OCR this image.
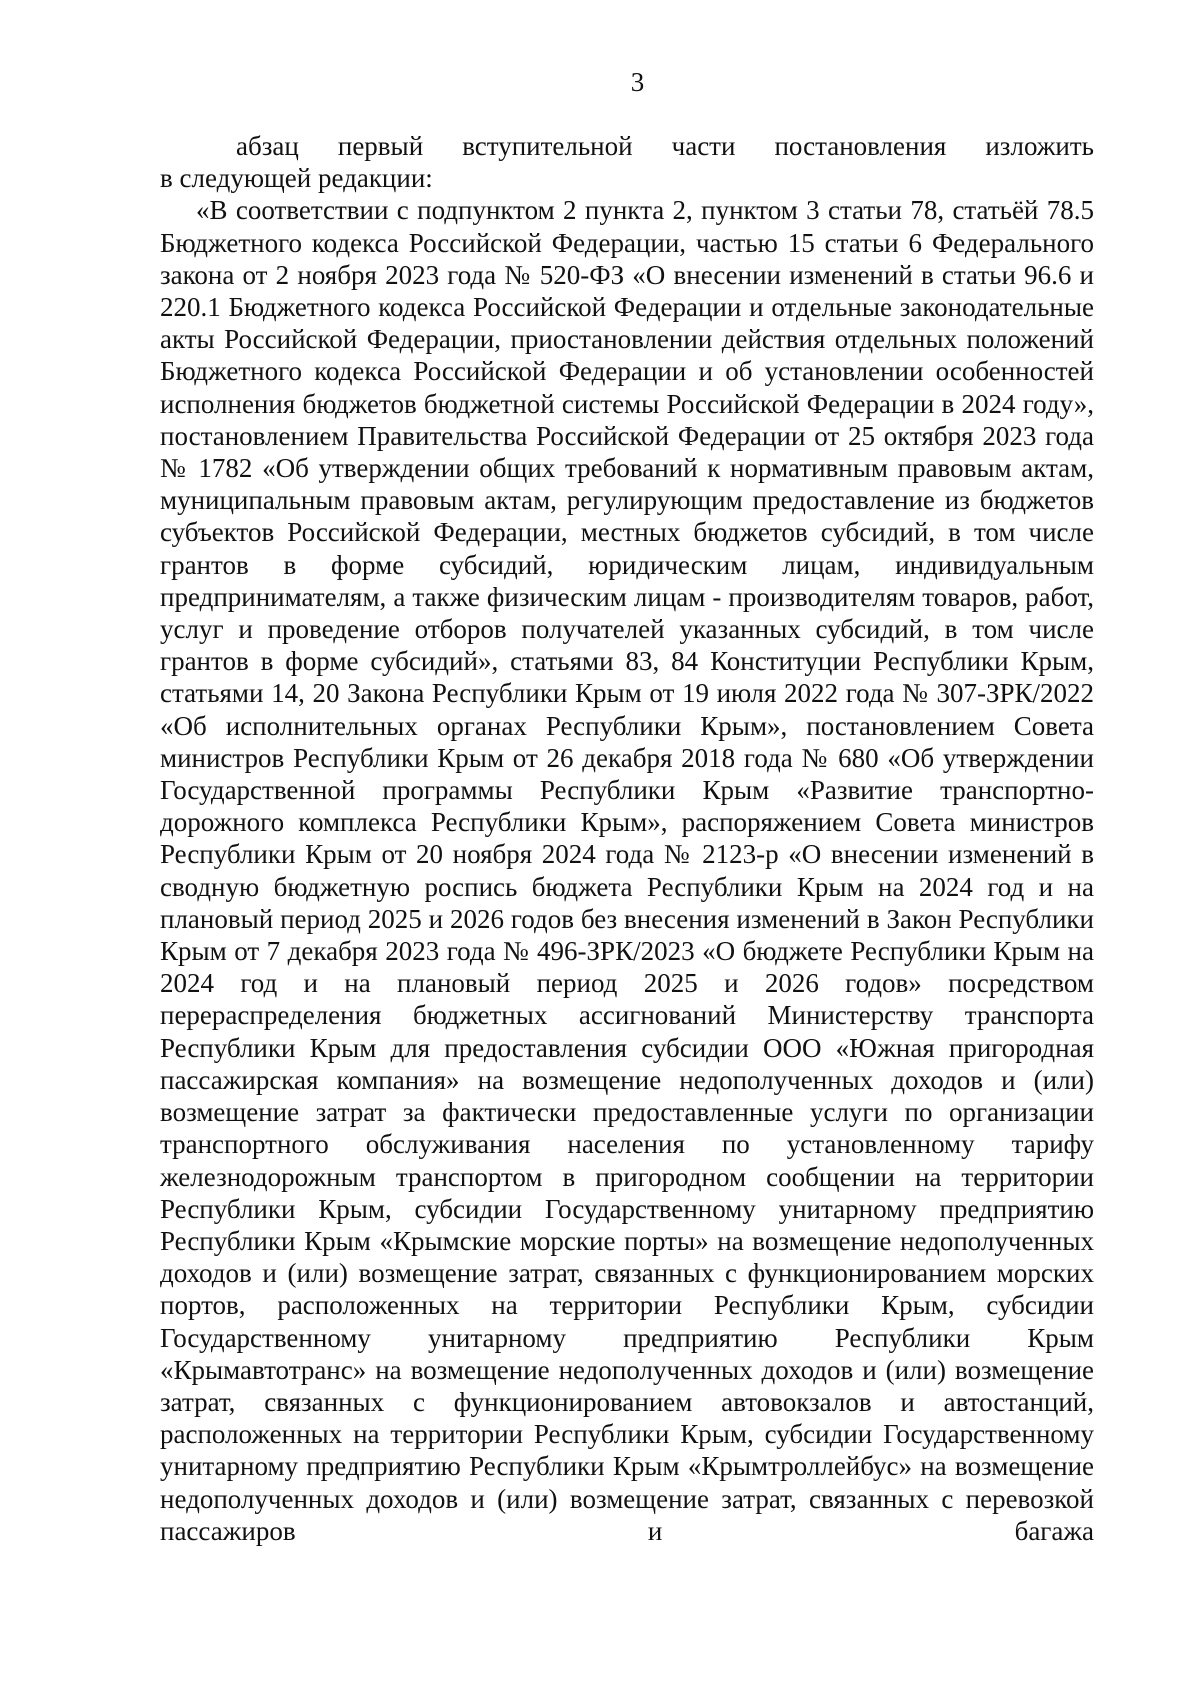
3

абзац первый вступительной части постановления изложить

в следующей редакции:

«В соответствии с подпунктом 2 пункта 2, пунктом 3 статьи 78, статьёй 78.5 Бюджетного кодекса Российской Федерации, частью 15 статьи 6 Федерального закона от 2 ноября 2023 года № 520-ФЗ «О внесении изменений в статьи 96.6 и 220.1 Бюджетного кодекса Российской Федерации и отдельные законодательные акты Российской Федерации, приостановлении действия отдельных положений Бюджетного кодекса Российской Федерации и об установлении особенностей исполнения бюджетов бюджетной системы Российской Федерации в 2024 году», постановлением Правительства Российской Федерации от 25 октября 2023 года № 1782 «Об утверждении общих требований к нормативным правовым актам, муниципальным правовым актам, регулирующим предоставление из бюджетов субъектов Российской Федерации, местных бюджетов субсидий, в том числе грантов в форме субсидий, юридическим лицам, индивидуальным предпринимателям, а также физическим лицам - производителям товаров, работ, услуг и проведение отборов получателей указанных субсидий, в том числе грантов в форме субсидий», статьями 83, 84 Конституции Республики Крым, статьями 14, 20 Закона Республики Крым от 19 июля 2022 года № 307-ЗРК/2022 «Об исполнительных органах Республики Крым», постановлением Совета министров Республики Крым от 26 декабря 2018 года № 680 «Об утверждении Государственной программы Республики Крым «Развитие транспортно-дорожного комплекса Республики Крым», распоряжением Совета министров Республики Крым от 20 ноября 2024 года № 2123-р «О внесении изменений в сводную бюджетную роспись бюджета Республики Крым на 2024 год и на плановый период 2025 и 2026 годов без внесения изменений в Закон Республики Крым от 7 декабря 2023 года № 496-ЗРК/2023 «О бюджете Республики Крым на 2024 год и на плановый период 2025 и 2026 годов» посредством перераспределения бюджетных ассигнований Министерству транспорта Республики Крым для предоставления субсидии ООО «Южная пригородная пассажирская компания» на возмещение недополученных доходов и (или) возмещение затрат за фактически предоставленные услуги по организации транспортного обслуживания населения по установленному тарифу железнодорожным транспортом в пригородном сообщении на территории Республики Крым, субсидии Государственному унитарному предприятию Республики Крым «Крымские морские порты» на возмещение недополученных доходов и (или) возмещение затрат, связанных с функционированием морских портов, расположенных на территории Республики Крым, субсидии Государственному унитарному предприятию Республики Крым «Крымавтотранс» на возмещение недополученных доходов и (или) возмещение затрат, связанных с функционированием автовокзалов и автостанций, расположенных на территории Республики Крым, субсидии Государственному унитарному предприятию Республики Крым «Крымтроллейбус» на возмещение недополученных доходов и (или) возмещение затрат, связанных с перевозкой пассажиров и багажа
